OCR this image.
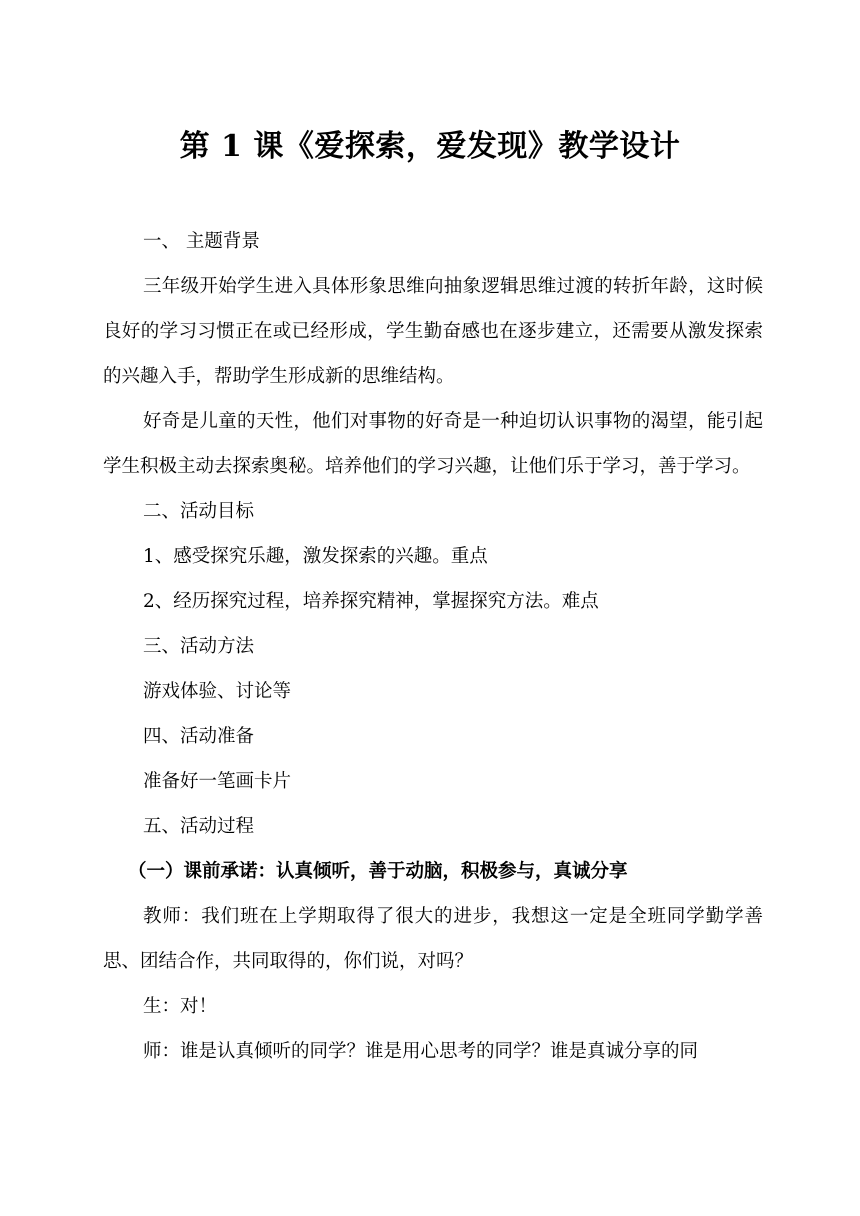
第 1 课《爱探索，爱发现》教学设计

一、 主题背景

三年级开始学生进入具体形象思维向抽象逻辑思维过渡的转折年龄，这时候良好的学习习惯正在或已经形成，学生勤奋感也在逐步建立，还需要从激发探索的兴趣入手，帮助学生形成新的思维结构。

好奇是儿童的天性，他们对事物的好奇是一种迫切认识事物的渴望，能引起学生积极主动去探索奥秘。培养他们的学习兴趣，让他们乐于学习，善于学习。

二、活动目标

1、感受探究乐趣，激发探索的兴趣。重点

2、经历探究过程，培养探究精神，掌握探究方法。难点

三、活动方法

游戏体验、讨论等

四、活动准备

准备好一笔画卡片

五、活动过程

（一）课前承诺：认真倾听，善于动脑，积极参与，真诚分享

教师：我们班在上学期取得了很大的进步，我想这一定是全班同学勤学善思、团结合作，共同取得的，你们说，对吗？

生：对！

师：谁是认真倾听的同学？谁是用心思考的同学？谁是真诚分享的同
